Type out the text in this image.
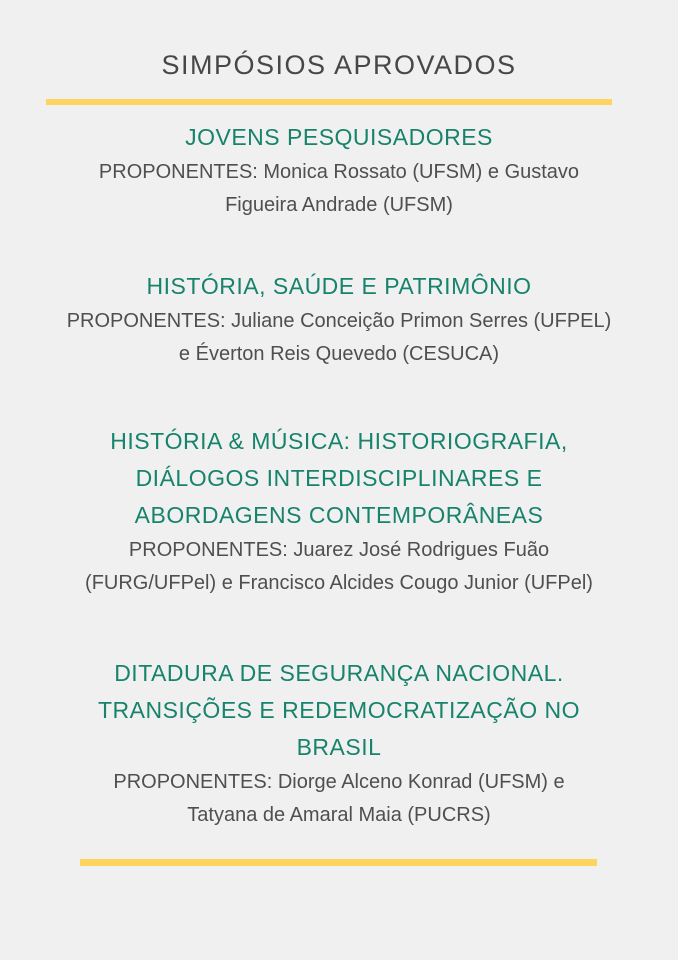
SIMPÓSIOS APROVADOS
JOVENS PESQUISADORES

PROPONENTES: Monica Rossato (UFSM) e Gustavo
Figueira Andrade (UFSM)

HISTÓRIA, SAÚDE E PATRIMÔNIO

PROPONENTES: Juliane Conceição Primon Serres (UFPEL)
e Éverton Reis Quevedo (CESUCA)

HISTÓRIA & MÚSICA: HISTORIOGRAFIA,
DIÁLOGOS INTERDISCIPLINARES E
ABORDAGENS CONTEMPORÂNEAS

PROPONENTES: Juarez José Rodrigues Fuão
(FURG/UFPel) e Francisco Alcides Cougo Junior (UFPel)

DITADURA DE SEGURANÇA NACIONAL.
TRANSIÇÕES E REDEMOCRATIZAÇÃO NO
BRASIL

PROPONENTES: Diorge Alceno Konrad (UFSM) e
Tatyana de Amaral Maia (PUCRS)
